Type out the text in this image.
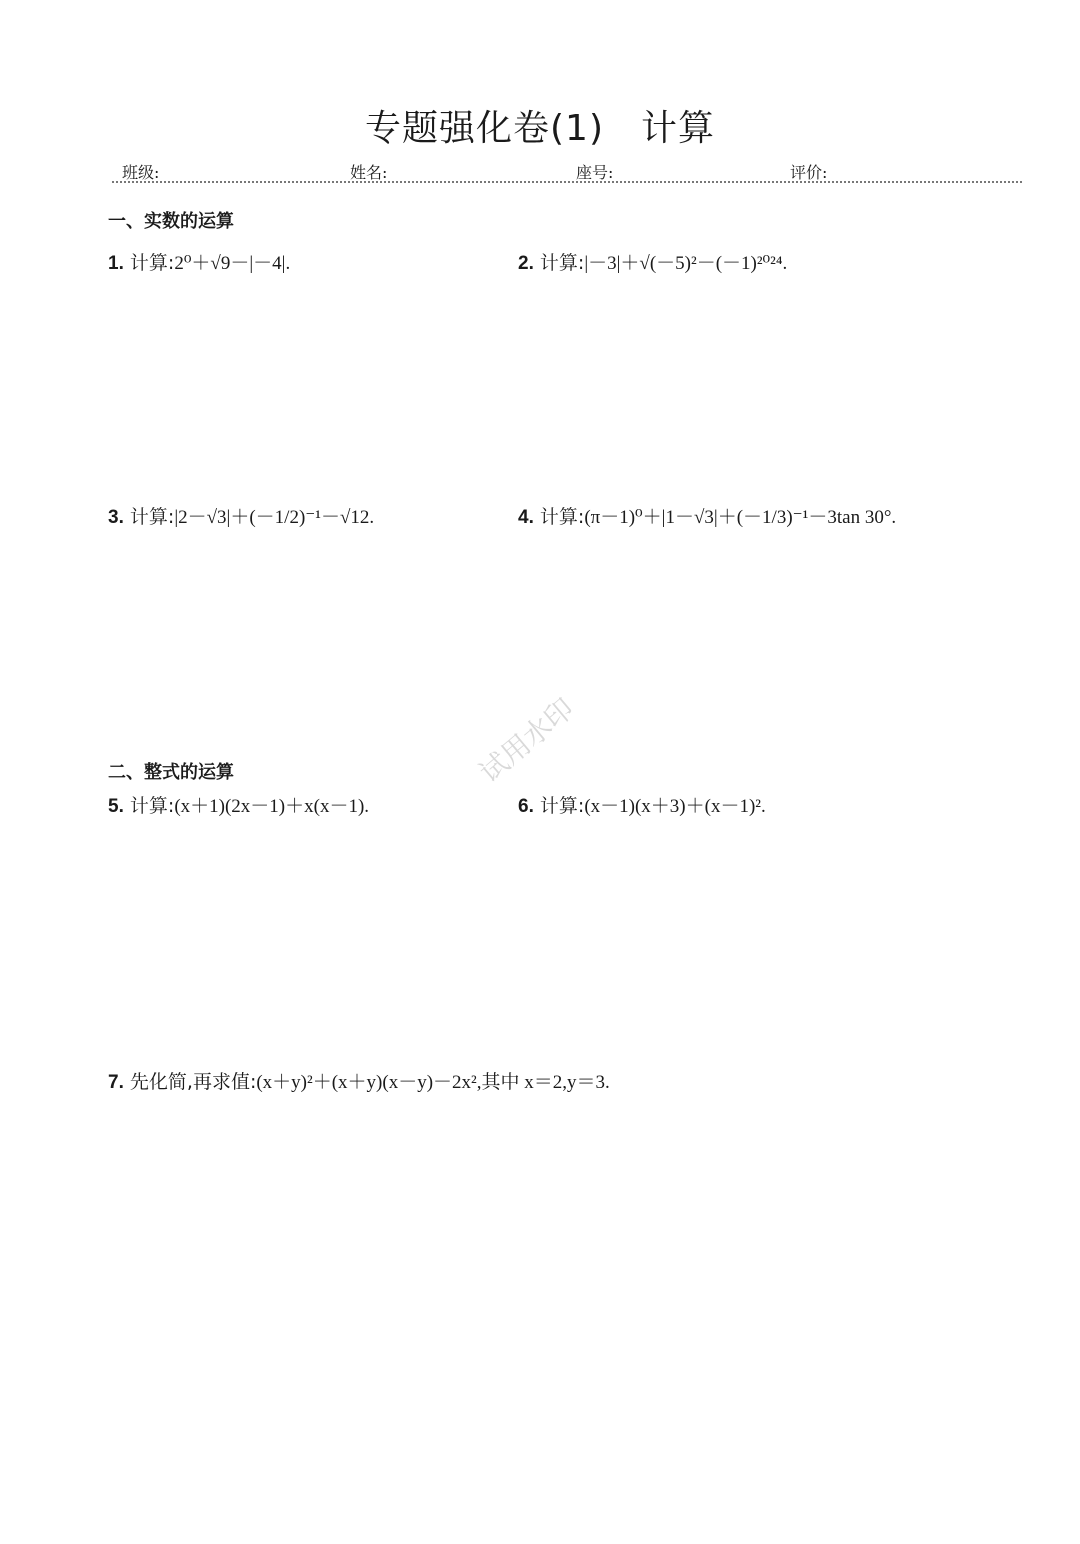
专题强化卷(1)　计算
班级:	姓名:	座号:	评价:
一、实数的运算
1. 计算:2⁰＋√9－|－4|.	2. 计算:|－3|＋√(－5)²－(－1)²⁰²⁴.
3. 计算:|2－√3|＋(－1/2)⁻¹－√12.	4. 计算:(π－1)⁰＋|1－√3|＋(－1/3)⁻¹－3tan 30°.
二、整式的运算
5. 计算:(x＋1)(2x－1)＋x(x－1).	6. 计算:(x－1)(x＋3)＋(x－1)².
7. 先化简,再求值:(x＋y)²＋(x＋y)(x－y)－2x²,其中 x＝2,y＝3.
试用水印
